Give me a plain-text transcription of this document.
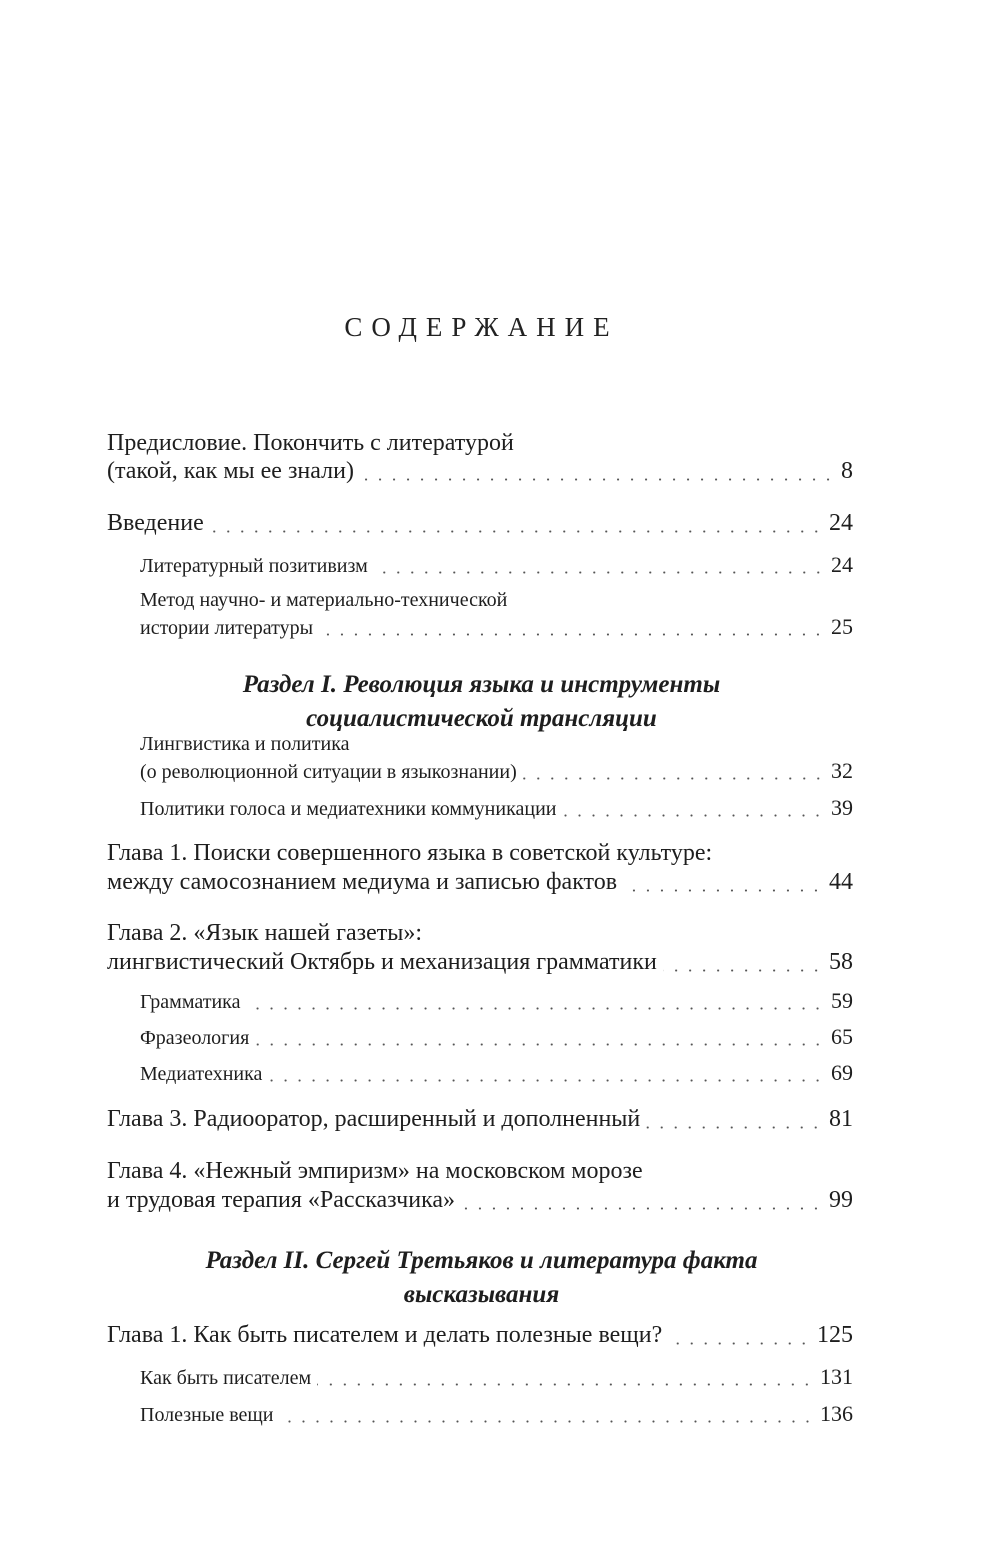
СОДЕРЖАНИЕ
Предисловие. Покончить с литературой
(такой, как мы ее знали)	8
Введение	24
Литературный позитивизм	24
Метод научно- и материально-технической
истории литературы	25
Раздел I. Революция языка и инструменты
социалистической трансляции
Лингвистика и политика
(о революционной ситуации в языкознании)	32
Политики голоса и медиатехники коммуникации	39
Глава 1. Поиски совершенного языка в советской культуре:
между самосознанием медиума и записью фактов	44
Глава 2. «Язык нашей газеты»:
лингвистический Октябрь и механизация грамматики	58
Грамматика	59
Фразеология	65
Медиатехника	69
Глава 3. Радиооратор, расширенный и дополненный	81
Глава 4. «Нежный эмпиризм» на московском морозе
и трудовая терапия «Рассказчика»	99
Раздел II. Сергей Третьяков и литература факта
высказывания
Глава 1. Как быть писателем и делать полезные вещи?	125
Как быть писателем	131
Полезные вещи	136
